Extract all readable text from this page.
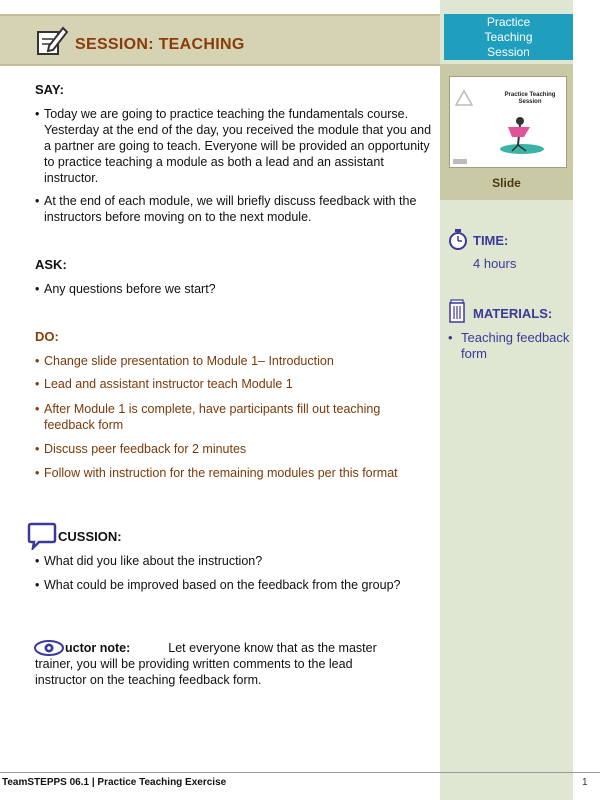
SESSION: TEACHING
Practice Teaching Session
Practice Teaching Session
Slide
TIME:
4 hours
MATERIALS:
• Teaching feedback form
SAY:
• Today we are going to practice teaching the fundamentals course. Yesterday at the end of the day, you received the module that you and a partner are going to teach. Everyone will be provided an opportunity to practice teaching a module as both a lead and an assistant instructor.
• At the end of each module, we will briefly discuss feedback with the instructors before moving on to the next module.
ASK:
• Any questions before we start?
DO:
• Change slide presentation to Module 1– Introduction
• Lead and assistant instructor teach Module 1
• After Module 1 is complete, have participants fill out teaching feedback form
• Discuss peer feedback for 2 minutes
• Follow with instruction for the remaining modules per this format
CUSSION:
• What did you like about the instruction?
• What could be improved based on the feedback from the group?
uctor note:	Let everyone know that as the master trainer, you will be providing written comments to the lead instructor on the teaching feedback form.
TeamSTEPPS 06.1 | Practice Teaching Exercise	1
